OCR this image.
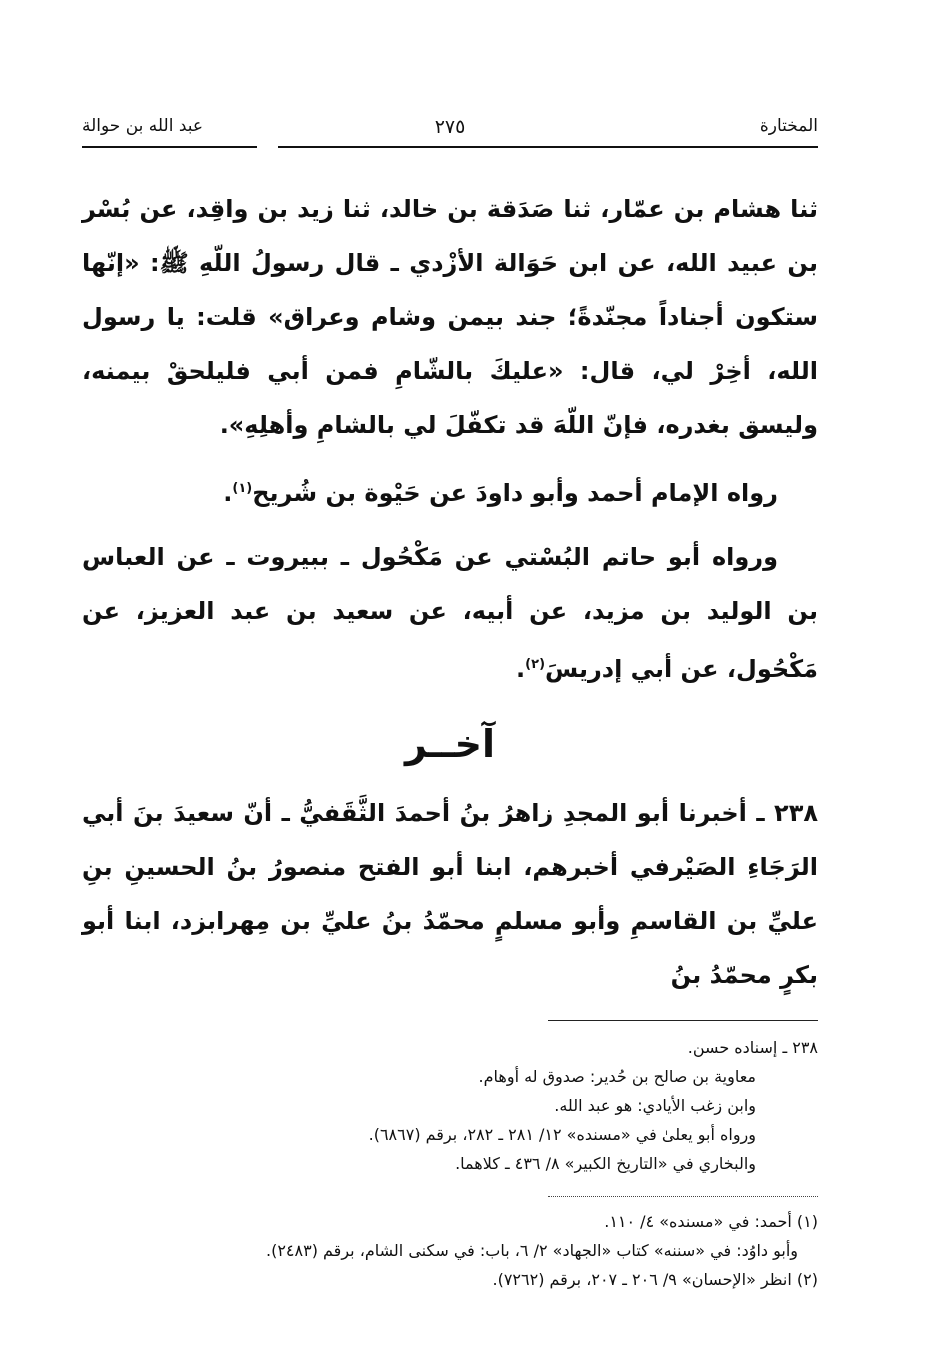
المختارة
٢٧٥
عبد الله بن حوالة

ثنا هشام بن عمّار، ثنا صَدَقة بن خالد، ثنا زيد بن واقِد، عن بُسْر بن عبيد الله، عن ابن حَوَالة الأزْدي ـ قال رسولُ اللّهِ ﷺ: «إنّها ستكون أجناداً مجنّدةً؛ جند بيمن وشام وعراق» قلت: يا رسول الله، أخِرْ لي، قال: «عليكَ بالشّامِ فمن أبي فليلحقْ بيمنه، وليسق بغدره، فإنّ اللّهَ قد تكفّلَ لي بالشامِ وأهلِهِ».

رواه الإمام أحمد وأبو داودَ عن حَيْوة بن شُريح$^{(١)}$.

ورواه أبو حاتم البُسْتي عن مَكْحُول ـ ببيروت ـ عن العباس بن الوليد بن مزيد، عن أبيه، عن سعيد بن عبد العزيز، عن مَكْحُول، عن أبي إدريسَ$^{(٢)}$.

آخــر

٢٣٨ ـ أخبرنا أبو المجدِ زاهرُ بنُ أحمدَ الثَّقَفيُّ ـ أنّ سعيدَ بنَ أبي الرَجَاءِ الصَيْرفي أخبرهم، ابنا أبو الفتح منصورُ بنُ الحسينِ بنِ عليِّ بن القاسمِ وأبو مسلمٍ محمّدُ بنُ عليِّ بن مِهرابزد، ابنا أبو بكرٍ محمّدُ بنُ

٢٣٨ ـ إسناده حسن.

معاوية بن صالح بن حُدير: صدوق له أوهام.

وابن زغب الأيادي: هو عبد الله.

ورواه أبو يعلىٰ في «مسنده» ١٢/ ٢٨١ ـ ٢٨٢، برقم (٦٨٦٧).

والبخاري في «التاريخ الكبير» ٨/ ٤٣٦ ـ كلاهما.

(١) أحمد: في «مسنده» ٤/ ١١٠.

وأبو داوُد: في «سننه» كتاب «الجهاد» ٢/ ٦، باب: في سكنى الشام، برقم (٢٤٨٣).

(٢) انظر «الإحسان» ٩/ ٢٠٦ ـ ٢٠٧، برقم (٧٢٦٢).
